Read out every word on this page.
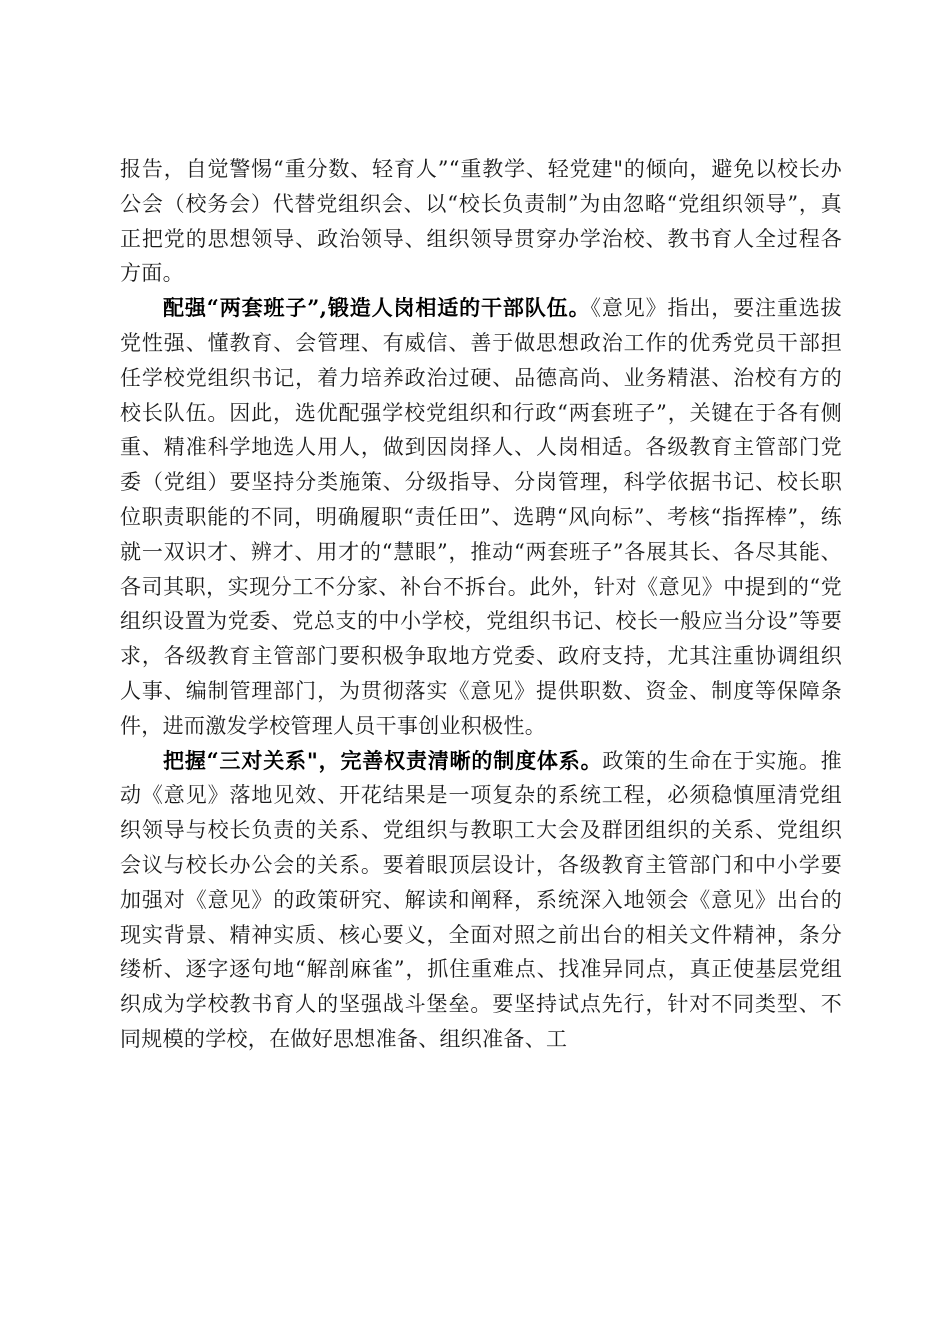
报告，自觉警惕“重分数、轻育人”“重教学、轻党建"的倾向，避免以校长办公会（校务会）代替党组织会、以“校长负责制”为由忽略“党组织领导”，真正把党的思想领导、政治领导、组织领导贯穿办学治校、教书育人全过程各方面。

配强“两套班子”,锻造人岗相适的干部队伍。《意见》指出，要注重选拔党性强、懂教育、会管理、有威信、善于做思想政治工作的优秀党员干部担任学校党组织书记，着力培养政治过硬、品德高尚、业务精湛、治校有方的校长队伍。因此，选优配强学校党组织和行政“两套班子”，关键在于各有侧重、精准科学地选人用人，做到因岗择人、人岗相适。各级教育主管部门党委（党组）要坚持分类施策、分级指导、分岗管理，科学依据书记、校长职位职责职能的不同，明确履职“责任田”、选聘“风向标”、考核“指挥棒”，练就一双识才、辨才、用才的“慧眼”，推动“两套班子”各展其长、各尽其能、各司其职，实现分工不分家、补台不拆台。此外，针对《意见》中提到的“党组织设置为党委、党总支的中小学校，党组织书记、校长一般应当分设”等要求，各级教育主管部门要积极争取地方党委、政府支持，尤其注重协调组织人事、编制管理部门，为贯彻落实《意见》提供职数、资金、制度等保障条件，进而激发学校管理人员干事创业积极性。

把握“三对关系"，完善权责清晰的制度体系。政策的生命在于实施。推动《意见》落地见效、开花结果是一项复杂的系统工程，必须稳慎厘清党组织领导与校长负责的关系、党组织与教职工大会及群团组织的关系、党组织会议与校长办公会的关系。要着眼顶层设计，各级教育主管部门和中小学要加强对《意见》的政策研究、解读和阐释，系统深入地领会《意见》出台的现实背景、精神实质、核心要义，全面对照之前出台的相关文件精神，条分缕析、逐字逐句地“解剖麻雀”，抓住重难点、找准异同点，真正使基层党组织成为学校教书育人的坚强战斗堡垒。要坚持试点先行，针对不同类型、不同规模的学校，在做好思想准备、组织准备、工
